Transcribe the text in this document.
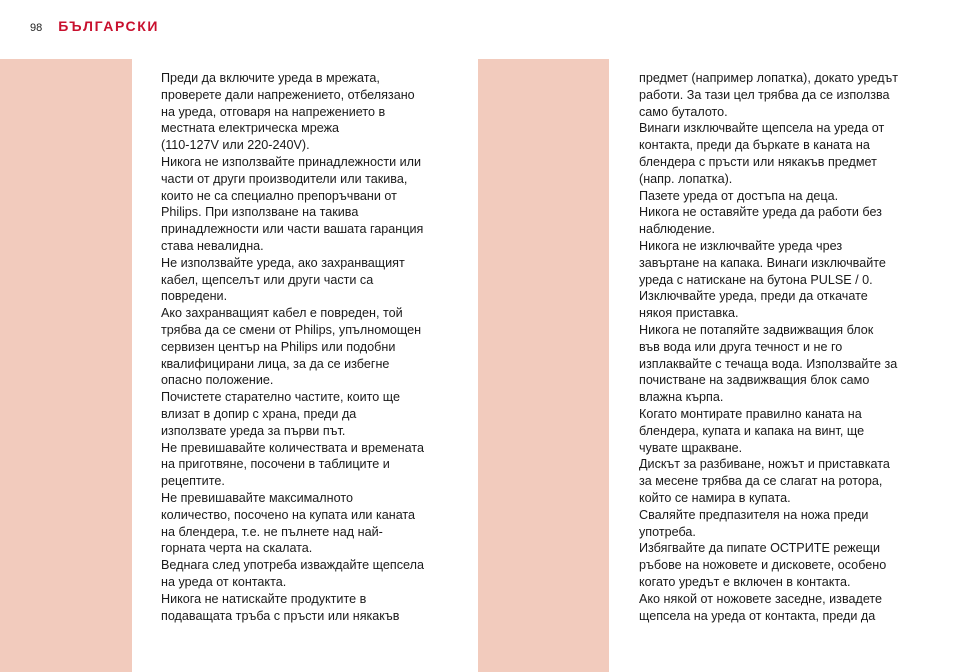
98 БЪЛГАРСКИ

Преди да включите уреда в мрежата,

проверете дали напрежението, отбелязано

на уреда, отговаря на напрежението в

местната електрическа мрежа

(110-127V или 220-240V).

Никога не използвайте принадлежности или

части от други производители или такива,

които не са специално препоръчвани от

Philips. При използване на такива

принадлежности или части вашата гаранция

става невалидна.

Не използвайте уреда, ако захранващият

кабел, щепселът или други части са

повредени.

Ако захранващият кабел е повреден, той

трябва да се смени от Philips, упълномощен

сервизен център на Philips или подобни

квалифицирани лица, за да се избегне

опасно положение.

Почистете старателно частите, които ще

влизат в допир с храна, преди да

използвате уреда за първи път.

Не превишавайте количествата и времената

на приготвяне, посочени в таблиците и

рецептите.

Не превишавайте максималното

количество, посочено на купата или каната

на блендера, т.е. не пълнете над най-

горната черта на скалата.

Веднага след употреба изваждайте щепсела

на уреда от контакта.

Никога не натискайте продуктите в

подаващата тръба с пръсти или някакъв

предмет (например лопатка), докато уредът

работи. За тази цел трябва да се използва

само буталото.

Винаги изключвайте щепсела на уреда от

контакта, преди да бъркате в каната на

блендера с пръсти или някакъв предмет

(напр. лопатка).

Пазете уреда от достъпа на деца.

Никога не оставяйте уреда да работи без

наблюдение.

Никога не изключвайте уреда чрез

завъртане на капака. Винаги изключвайте

уреда с натискане на бутона PULSE / 0.

Изключвайте уреда, преди да откачате

някоя приставка.

Никога не потапяйте задвижващия блок

във вода или друга течност и не го

изплаквайте с течаща вода. Използвайте за

почистване на задвижващия блок само

влажна кърпа.

Когато монтирате правилно каната на

блендера, купата и капака на винт, ще

чувате щракване.

Дискът за разбиване, ножът и приставката

за месене трябва да се слагат на ротора,

който се намира в купата.

Сваляйте предпазителя на ножа преди

употреба.

Избягвайте да пипате ОСТРИТЕ режещи

ръбове на ножовете и дисковете, особено

когато уредът е включен в контакта.

Ако някой от ножовете заседне, извадете

щепсела на уреда от контакта, преди да
